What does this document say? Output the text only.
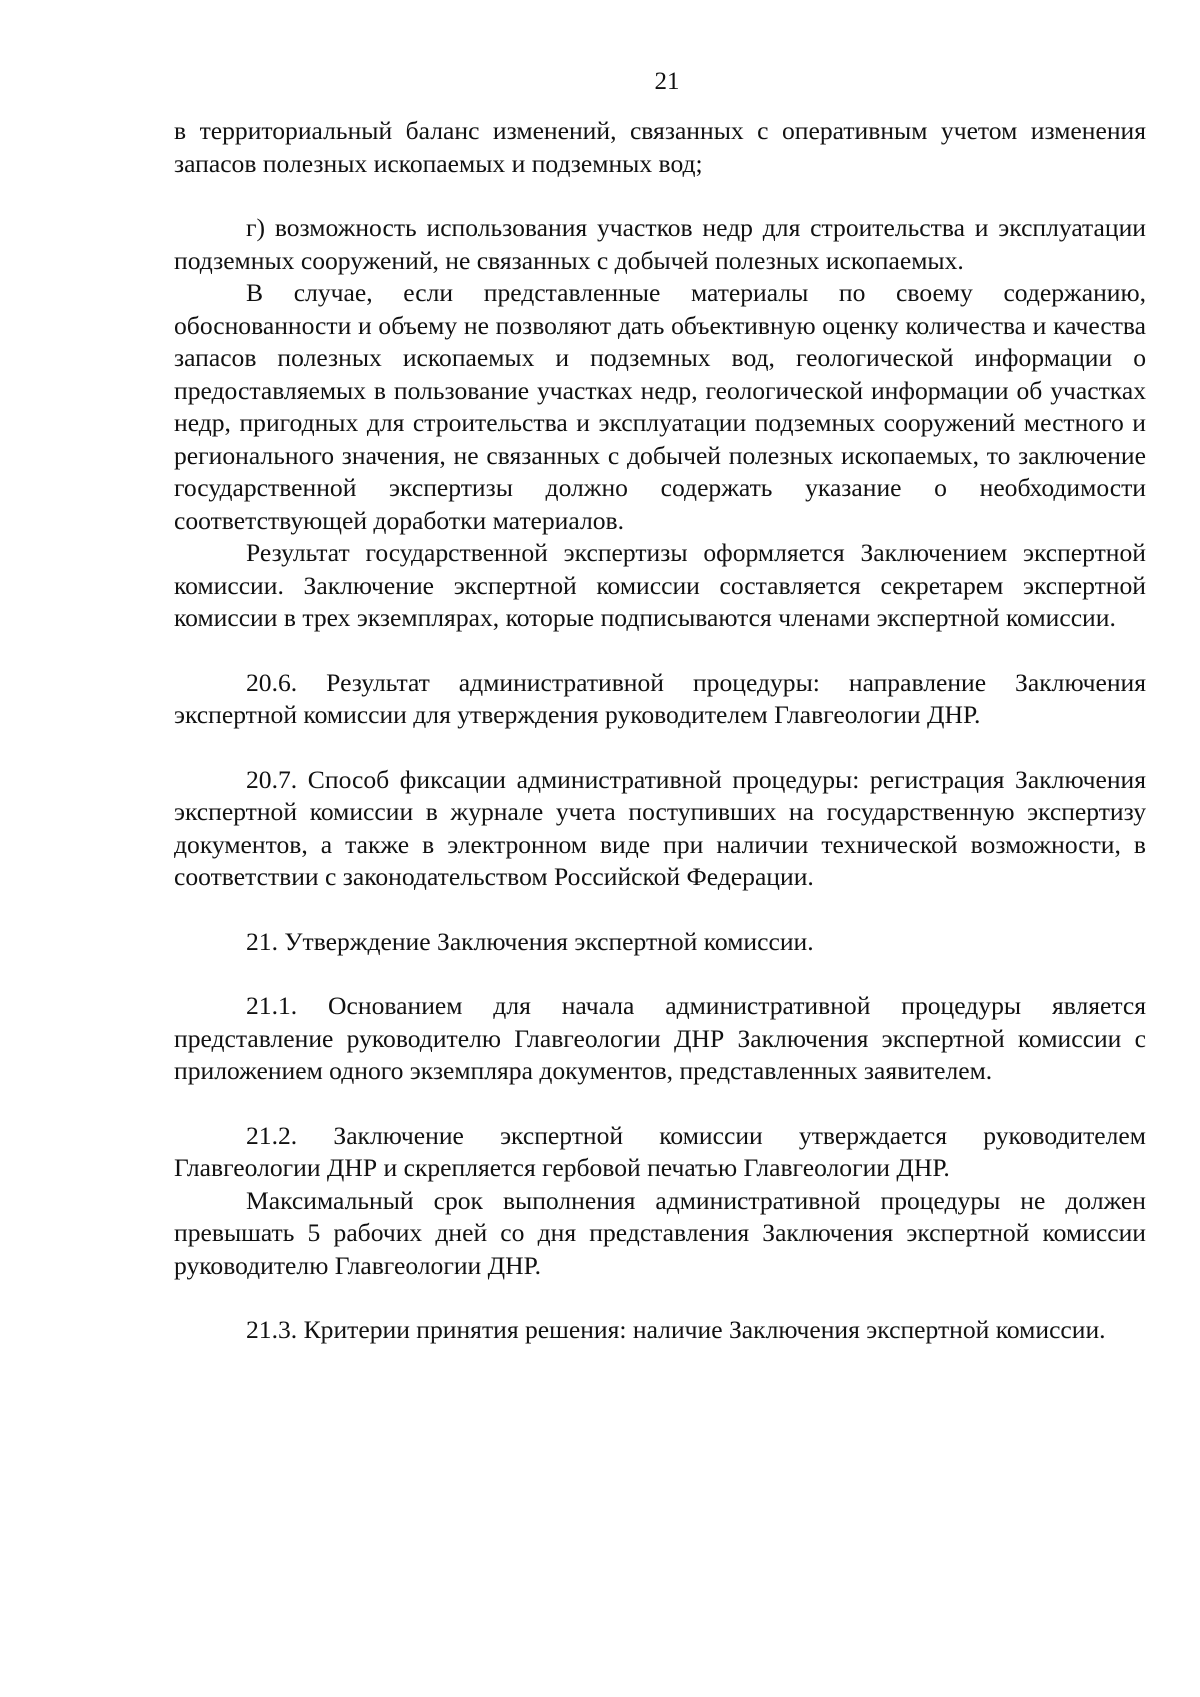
21

в территориальный баланс изменений, связанных с оперативным учетом изменения запасов полезных ископаемых и подземных вод;

г) возможность использования участков недр для строительства и эксплуатации подземных сооружений, не связанных с добычей полезных ископаемых.

В случае, если представленные материалы по своему содержанию, обоснованности и объему не позволяют дать объективную оценку количества и качества запасов полезных ископаемых и подземных вод, геологической информации о предоставляемых в пользование участках недр, геологической информации об участках недр, пригодных для строительства и эксплуатации подземных сооружений местного и регионального значения, не связанных с добычей полезных ископаемых, то заключение государственной экспертизы должно содержать указание о необходимости соответствующей доработки материалов.

Результат государственной экспертизы оформляется Заключением экспертной комиссии. Заключение экспертной комиссии составляется секретарем экспертной комиссии в трех экземплярах, которые подписываются членами экспертной комиссии.

20.6. Результат административной процедуры: направление Заключения экспертной комиссии для утверждения руководителем Главгеологии ДНР.

20.7. Способ фиксации административной процедуры: регистрация Заключения экспертной комиссии в журнале учета поступивших на государственную экспертизу документов, а также в электронном виде при наличии технической возможности, в соответствии с законодательством Российской Федерации.

21. Утверждение Заключения экспертной комиссии.

21.1. Основанием для начала административной процедуры является представление руководителю Главгеологии ДНР Заключения экспертной комиссии с приложением одного экземпляра документов, представленных заявителем.

21.2. Заключение экспертной комиссии утверждается руководителем Главгеологии ДНР и скрепляется гербовой печатью Главгеологии ДНР.

Максимальный срок выполнения административной процедуры не должен превышать 5 рабочих дней со дня представления Заключения экспертной комиссии руководителю Главгеологии ДНР.

21.3. Критерии принятия решения: наличие Заключения экспертной комиссии.
